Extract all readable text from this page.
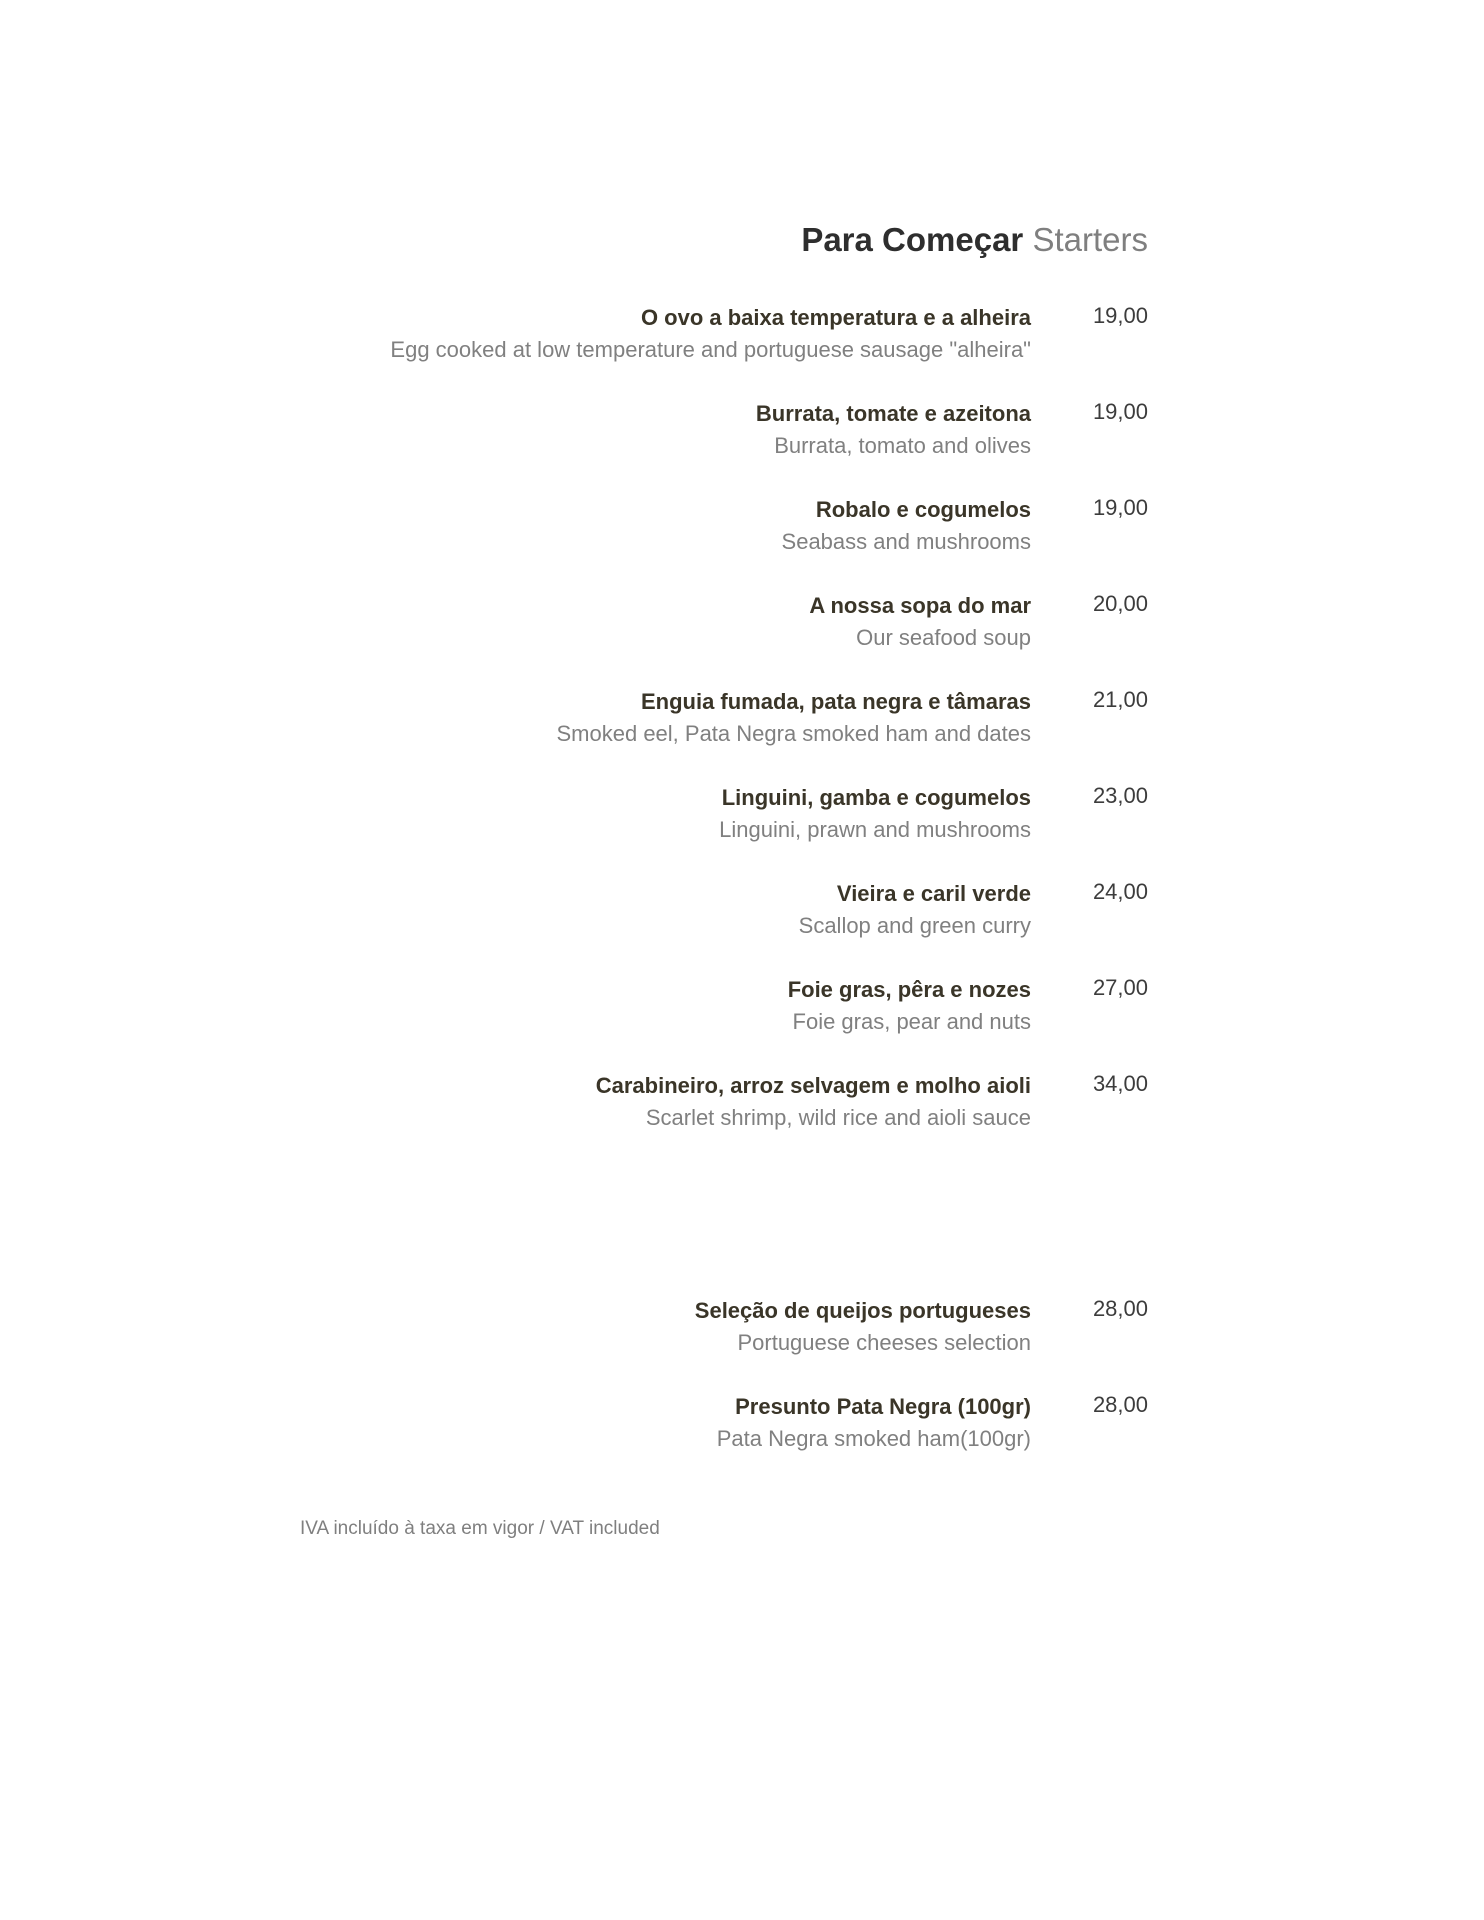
Para Começar Starters
O ovo a baixa temperatura e a alheira
Egg cooked at low temperature and portuguese sausage "alheira"
19,00
Burrata, tomate e azeitona
Burrata, tomato and olives
19,00
Robalo e cogumelos
Seabass and mushrooms
19,00
A nossa sopa do mar
Our seafood soup
20,00
Enguia fumada, pata negra e tâmaras
Smoked eel, Pata Negra smoked ham and dates
21,00
Linguini, gamba e cogumelos
Linguini, prawn and mushrooms
23,00
Vieira e caril verde
Scallop and green curry
24,00
Foie gras, pêra e nozes
Foie gras, pear and nuts
27,00
Carabineiro, arroz selvagem e molho aioli
Scarlet shrimp, wild rice and aioli sauce
34,00
Seleção de queijos portugueses
Portuguese cheeses selection
28,00
Presunto Pata Negra (100gr)
Pata Negra smoked ham(100gr)
28,00
IVA incluído à taxa em vigor / VAT included
